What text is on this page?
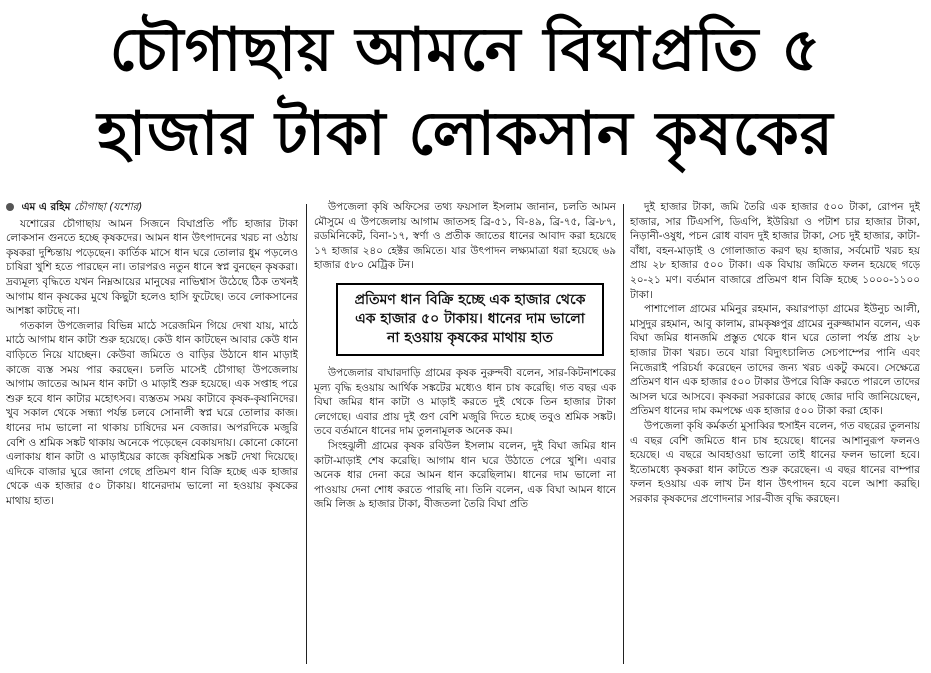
চৌগাছায় আমনে বিঘাপ্রতি ৫
হাজার টাকা লোকসান কৃষকের
এম এ রহিম চৌগাছা (যশোর)

যশোরের চৌগাছায় আমন সিজনে বিঘাপ্রতি পাঁচ হাজার টাকা লোকসান গুনতে হচ্ছে কৃষকদের। আমন ধান উৎপাদনের খরচ না ওঠায় কৃষকরা দুশ্চিন্তায় পড়েছেন। কার্তিক মাসে ধান ঘরে তোলার ধুম পড়লেও চাষিরা খুশি হতে পারছেন না। তারপরও নতুন ধানে স্বপ্ন বুনছেন কৃষকরা। দ্রব্যমূল্য বৃদ্ধিতে যখন নিম্নআয়ের মানুষের নাভিশ্বাস উঠেছে ঠিক তখনই আগাম ধান কৃষকের মুখে কিছুটা হলেও হাসি ফুটেছে। তবে লোকসানের আশঙ্কা কাটছে না।

গতকাল উপজেলার বিভিন্ন মাঠে সরেজমিন গিয়ে দেখা যায়, মাঠে মাঠে আগাম ধান কাটা শুরু হয়েছে। কেউ ধান কাটছেন আবার কেউ ধান বাড়িতে নিয়ে যাচ্ছেন। কেউবা জমিতে ও বাড়ির উঠানে ধান মাড়াই কাজে ব্যস্ত সময় পার করছেন। চলতি মাসেই চৌগাছা উপজেলায় আগাম জাতের আমন ধান কাটা ও মাড়াই শুরু হয়েছে। এক সপ্তাহ পরে শুরু হবে ধান কাটার মহোৎসব। ব্যস্ততম সময় কাটাবে কৃষক-কৃষানিদের। খুব সকাল থেকে সন্ধ্যা পর্যন্ত চলবে সোনালী স্বপ্ন ঘরে তোলার কাজ। ধানের দাম ভালো না থাকায় চাষিদের মন বেজার। অপরদিকে মজুরি বেশি ও শ্রমিক সঙ্কট থাকায় অনেকে পড়েছেন বেকায়দায়। কোনো কোনো এলাকায় ধান কাটা ও মাড়াইয়ের কাজে কৃষিশ্রমিক সঙ্কট দেখা দিয়েছে। এদিকে বাজার ঘুরে জানা গেছে প্রতিমণ ধান বিক্রি হচ্ছে এক হাজার থেকে এক হাজার ৫০ টাকায়। ধানেরদাম ভালো না হওয়ায় কৃষকের মাথায় হাত।

উপজেলা কৃষি অফিসের তথ্য ফয়সাল ইসলাম জানান, চলতি আমন মৌসুমে এ উপজেলায় আগাম জাতসহ ব্রি-৫১, বি-৪৯, ব্রি-৭৫, ব্রি-৮৭, রডমিনিকেট, বিনা-১৭, স্বর্ণা ও প্রতীক জাতের ধানের আবাদ করা হয়েছে ১৭ হাজার ২৪০ হেক্টর জমিতে। যার উৎপাদন লক্ষ্যমাত্রা ধরা হয়েছে ৬৯ হাজার ৫৮০ মেট্রিক টন।

প্রতিমণ ধান বিক্রি হচ্ছে এক হাজার থেকে এক হাজার ৫০ টাকায়। ধানের দাম ভালো না হওয়ায় কৃষকের মাথায় হাত

উপজেলার বাঘারদাড়ি গ্রামের কৃষক নুরুন্দবী বলেন, সার-কিটনাশকের মূল্য বৃদ্ধি হওয়ায় আর্থিক সঙ্কটের মধ্যেও ধান চাষ করেছি। গত বছর এক বিঘা জমির ধান কাটা ও মাড়াই করতে দুই থেকে তিন হাজার টাকা লেগেছে। এবার প্রায় দুই গুণ বেশি মজুরি দিতে হচ্ছে তবুও শ্রমিক সঙ্কট। তবে বর্তমানে ধানের দাম তুলনামূলক অনেক কম।

সিংহঝুলী গ্রামের কৃষক রবিউল ইসলাম বলেন, দুই বিঘা জমির ধান কাটা-মাড়াই শেষ করেছি। আগাম ধান ঘরে উঠাতে পেরে খুশি। এবার অনেক ধার দেনা করে আমন ধান করেছিলাম। ধানের দাম ভালো না পাওয়ায় দেনা শোধ করতে পারছি না। তিনি বলেন, এক বিঘা আমন ধানে জমি লিজ ৯ হাজার টাকা, বীজতলা তৈরি বিঘা প্রতি

দুই হাজার টাকা, জমি তৈরি এক হাজার ৫০০ টাকা, রোপন দুই হাজার, সার টিএসপি, ডিএপি, ইউরিয়া ও পটাশ চার হাজার টাকা, নিড়ানী-ওষুধ, পচন রোধ বাবদ দুই হাজার টাকা, সেচ দুই হাজার, কাটা-বাঁধা, বহন-মাড়াই ও গোলাজাত করণ ছয় হাজার, সর্বমোট খরচ হয় প্রায় ২৮ হাজার ৫০০ টাকা। এক বিঘায় জমিতে ফলন হয়েছে গড়ে ২০-২১ মণ। বর্তমান বাজারে প্রতিমণ ধান বিক্রি হচ্ছে ১০০০-১১০০ টাকা।

পাশাপোল গ্রামের মমিনুর রহমান, কয়ারপাড়া গ্রামের ইউনুচ আলী, মাসুদুর রহমান, আবু কালাম, রামকৃষ্ণপুর গ্রামের নুরুজ্জামান বলেন, এক বিঘা জমির ধানজমি প্রস্তুত থেকে ধান ঘরে তোলা পর্যন্ত প্রায় ২৮ হাজার টাকা খরচ। তবে যারা বিদ্যুৎচালিত সেচপাম্পের পানি এবং নিজেরাই পরিচর্যা করেছেন তাদের জন্য খরচ একটু কমবে। সেক্ষেত্রে প্রতিমণ ধান এক হাজার ৫০০ টাকার উপরে বিক্রি করতে পারলে তাদের আসল ঘরে আসবে। কৃষকরা সরকারের কাছে জোর দাবি জানিয়েছেন, প্রতিমণ ধানের দাম কমপক্ষে এক হাজার ৫০০ টাকা করা হোক।

উপজেলা কৃষি কর্মকর্তা মুসাব্বির হুসাইন বলেন, গত বছরের তুলনায় এ বছর বেশি জমিতে ধান চাষ হয়েছে। ধানের আশানুরূপ ফলনও হয়েছে। এ বছরে আবহাওয়া ভালো তাই ধানের ফলন ভালো হবে। ইতোমধ্যে কৃষকরা ধান কাটতে শুরু করেছেন। এ বছর ধানের বাম্পার ফলন হওয়ায় এক লাখ টন ধান উৎপাদন হবে বলে আশা করছি। সরকার কৃষকদের প্রণোদনার সার-বীজ বৃদ্ধি করছেন।
